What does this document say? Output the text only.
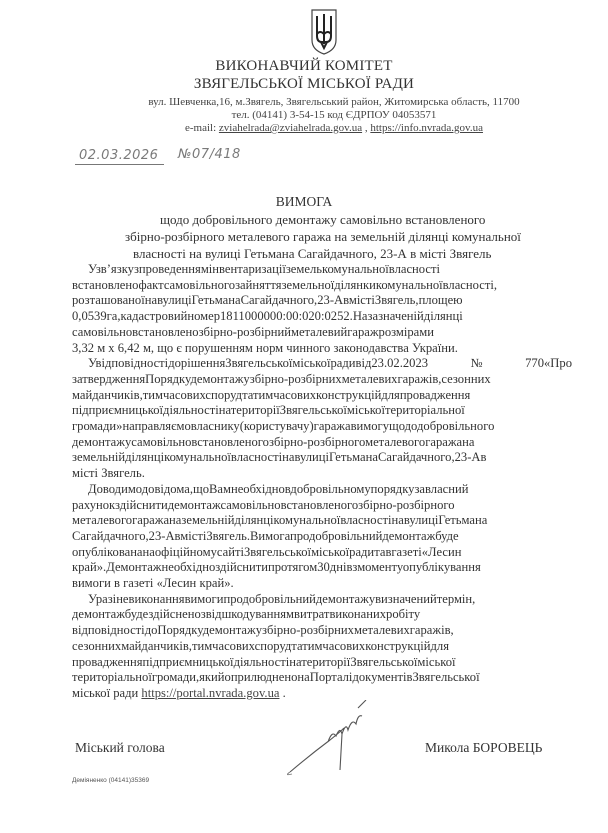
ВИКОНАВЧИЙ КОМІТЕТ
ЗВЯГЕЛЬСЬКОЇ МІСЬКОЇ РАДИ
вул. Шевченка,16, м.Звягель, Звягельський район, Житомирська область, 11700
тел. (04141) 3-54-15 код ЄДРПОУ 04053571
e-mail: zviahelrada@zviahelrada.gov.ua , https://info.nvrada.gov.ua
02.03.2026	№07/418
ВИМОГА
щодо добровільного демонтажу самовільно встановленого
збірно-розбірного металевого гаража на земельній ділянці комунальної
власності на вулиці Гетьмана Сагайдачного, 23-А в місті Звягель
Узв’язкузпроведеннямінвентаризаціїземелькомунальноївласності
встановленофактсамовільногозайняттяземельноїділянкикомунальноївласності,
розташованоїнавулиціГетьманаСагайдачного,23-АвмістіЗвягель,площею
0,0539га,кадастровийномер1811000000:00:020:0252.Назазначенійділянці
самовільновстановленозбірно-розбірнийметалевийгаражрозмірами
3,32 м х 6,42 м, що є порушенням норм чинного законодавства України.
УвідповідностідорішенняЗвягельськоїміськоїрадивід23.02.2023№770«Про
затвердженняПорядкудемонтажузбірно-розбірнихметалевихгаражів,сезонних
майданчиків,тимчасовихспорудтатимчасовихконструкційдляпровадження
підприємницькоїдіяльностінатериторіїЗвягельськоїміськоїтериторіальної
громади»направляємовласнику(користувачу)гаражавимогущододобровільного
демонтажусамовільновстановленогозбірно-розбірногометалевогогаражана
земельнійділянцікомунальноївласностінавулиціГетьманаСагайдачного,23-Ав
місті Звягель.
Доводимодовідома,щоВамнеобхідновдобровільномупорядкузавласний
рахунокздійснитидемонтажсамовільновстановленогозбірно-розбірного
металевогогаражаназемельнійділянцікомунальноївласностінавулиціГетьмана
Сагайдачного,23-АвмістіЗвягель.Вимогапродобровільнийдемонтажбуде
опубліковананаофіційномусайтіЗвягельськоїміськоїрадитавгазеті«Лесин
край».Демонтажнеобхідноздійснитипротягом30днівзмоментуопублікування
вимоги в газеті «Лесин край».
Уразіневиконаннявимогипродобровільнийдемонтажувизначенийтермін,
демонтажбудездійсненозвідшкодуваннямвитратвиконанихробіту
відповідностідоПорядкудемонтажузбірно-розбірнихметалевихгаражів,
сезоннихмайданчиків,тимчасовихспорудтатимчасовихконструкційдля
провадженняпідприємницькоїдіяльностінатериторіїЗвягельськоїміської
територіальноїгромади,якийоприлюдненонаПорталідокументівЗвягельської
міської ради https://portal.nvrada.gov.ua .
Міський голова	Микола БОРОВЕЦЬ
Деміяненко (04141)35369
